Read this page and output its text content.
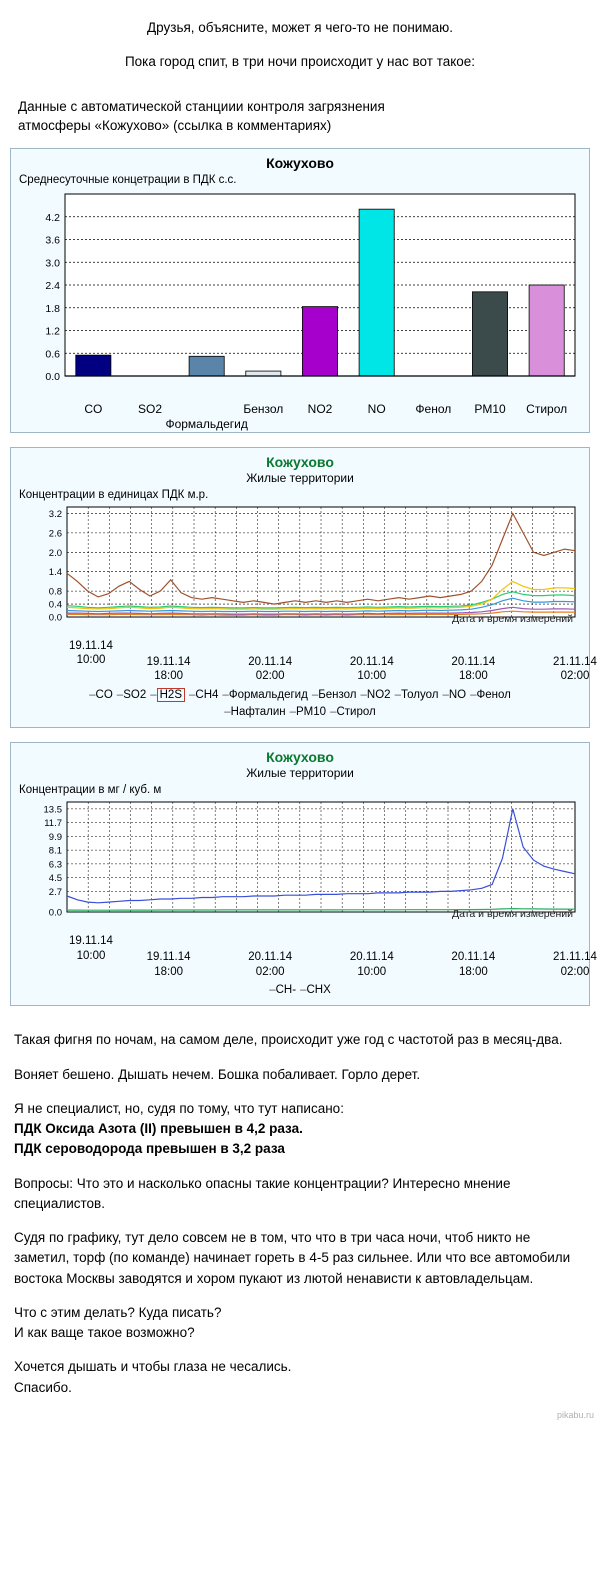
Друзья, объясните, может я чего-то не понимаю.

Пока город спит, в три ночи происходит у нас вот такое:

Данные с автоматической станциии контроля загрязнения
атмосферы «Кожухово» (ссылка в комментариях)
Кожухово
Среднесуточные концетрации в ПДК с.с.
0.0
0.6
1.2
1.8
2.4
3.0
3.6
4.2
CO	SO2	Бензол	NO2	NO	Фенол	PM10	Стирол
Формальдегид
Кожухово
Жилые территории
Концентрации в единицах ПДК м.р.
0.0
0.4
0.8
1.4
2.0
2.6
3.2
Дата и время измерений
19.11.14
10:00	19.11.14
18:00
20.11.14
02:00
20.11.14
10:00
20.11.14
18:00
21.11.14
02:00
–CO –SO2 – H2S –CH4 –Формальдегид –Бензол –NO2 –Толуол –NO –Фенол
–Нафталин –PM10 –Стирол
Кожухово
Жилые территории
Концентрации в мг / куб. м
0.0
2.7
4.5
6.3
8.1
9.9
11.7
13.5
Дата и время измерений
19.11.14
10:00	19.11.14
18:00
20.11.14
02:00
20.11.14
10:00
20.11.14
18:00
21.11.14
02:00
–CH- –CHX

Такая фигня по ночам, на самом деле, происходит уже год с частотой раз в месяц-два.

Воняет бешено. Дышать нечем. Бошка побаливает. Горло дерет.

Я не специалист, но, судя по тому, что тут написано:
ПДК Оксида Азота (II) превышен в 4,2 раза.
ПДК сероводорода превышен в 3,2 раза

Вопросы: Что это и насколько опасны такие концентрации? Интересно мнение специалистов.

Судя по графику, тут дело совсем не в том, что что в три часа ночи, чтоб никто не заметил, торф (по команде) начинает гореть в 4-5 раз сильнее. Или что все автомобили востока Москвы заводятся и хором пукают из лютой ненависти к автовладельцам.

Что с этим делать? Куда писать?
И как ваще такое возможно?

Хочется дышать и чтобы глаза не чесались.
Спасибо.

pikabu.ru
